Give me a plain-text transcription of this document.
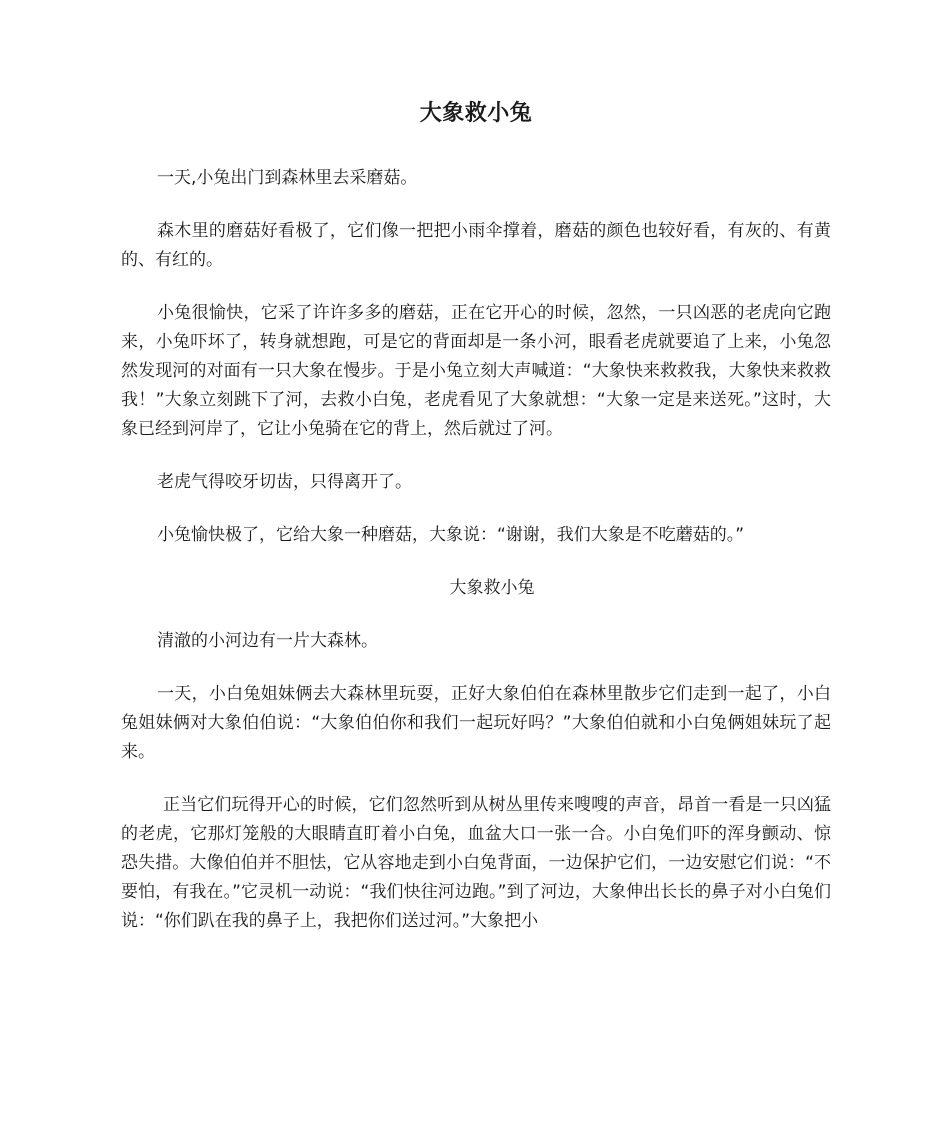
大象救小兔

一天,小兔出门到森林里去采磨菇。

森木里的磨菇好看极了，它们像一把把小雨伞撑着，磨菇的颜色也较好看，有灰的、有黄的、有红的。

小兔很愉快，它采了许许多多的磨菇，正在它开心的时候，忽然，一只凶恶的老虎向它跑来，小兔吓坏了，转身就想跑，可是它的背面却是一条小河，眼看老虎就要追了上来，小兔忽然发现河的对面有一只大象在慢步。于是小兔立刻大声喊道：“大象快来救救我，大象快来救救我！”大象立刻跳下了河，去救小白兔，老虎看见了大象就想：“大象一定是来送死。”这时，大象已经到河岸了，它让小兔骑在它的背上，然后就过了河。

老虎气得咬牙切齿，只得离开了。

小兔愉快极了，它给大象一种磨菇，大象说：“谢谢，我们大象是不吃蘑菇的。”

大象救小兔

清澈的小河边有一片大森林。

一天，小白兔姐妹俩去大森林里玩耍，正好大象伯伯在森林里散步它们走到一起了，小白兔姐妹俩对大象伯伯说：“大象伯伯你和我们一起玩好吗？”大象伯伯就和小白兔俩姐妹玩了起来。

正当它们玩得开心的时候，它们忽然听到从树丛里传来嗖嗖的声音，昂首一看是一只凶猛的老虎，它那灯笼般的大眼睛直盯着小白兔，血盆大口一张一合。小白兔们吓的浑身颤动、惊恐失措。大像伯伯并不胆怯，它从容地走到小白兔背面，一边保护它们，一边安慰它们说：“不要怕，有我在。”它灵机一动说：“我们快往河边跑。”到了河边，大象伸出长长的鼻子对小白兔们说：“你们趴在我的鼻子上，我把你们送过河。”大象把小
